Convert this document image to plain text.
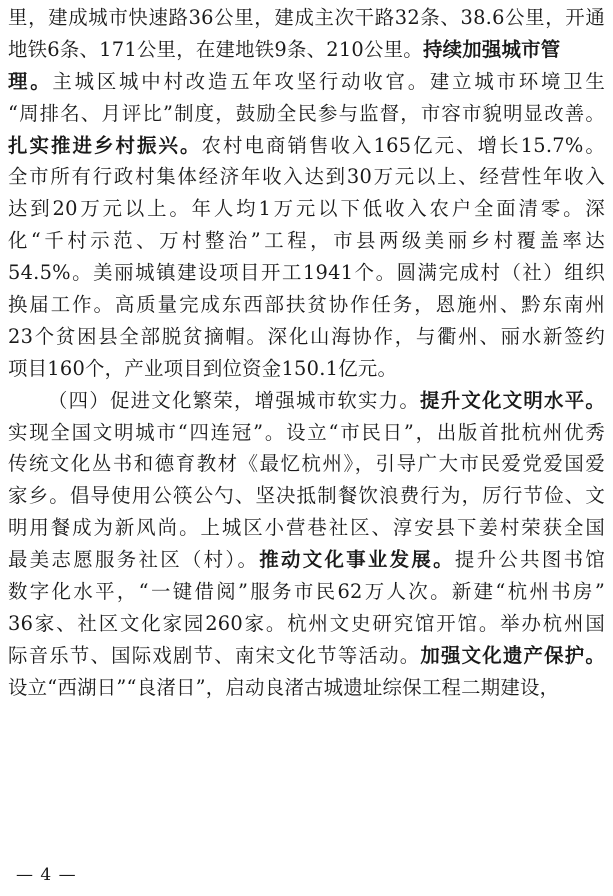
里，建成城市快速路36公里，建成主次干路32条、38.6公里，开通
地铁6条、171公里，在建地铁9条、210公里。持续加强城市管
理。主城区城中村改造五年攻坚行动收官。建立城市环境卫生
“周排名、月评比”制度，鼓励全民参与监督，市容市貌明显改善。
扎实推进乡村振兴。农村电商销售收入165亿元、增长15.7%。
全市所有行政村集体经济年收入达到30万元以上、经营性年收入
达到20万元以上。年人均1万元以下低收入农户全面清零。深
化“千村示范、万村整治”工程，市县两级美丽乡村覆盖率达
54.5%。美丽城镇建设项目开工1941个。圆满完成村（社）组织
换届工作。高质量完成东西部扶贫协作任务，恩施州、黔东南州
23个贫困县全部脱贫摘帽。深化山海协作，与衢州、丽水新签约
项目160个，产业项目到位资金150.1亿元。
（四）促进文化繁荣，增强城市软实力。提升文化文明水平。
实现全国文明城市“四连冠”。设立“市民日”，出版首批杭州优秀
传统文化丛书和德育教材《最忆杭州》，引导广大市民爱党爱国爱
家乡。倡导使用公筷公勺、坚决抵制餐饮浪费行为，厉行节俭、文
明用餐成为新风尚。上城区小营巷社区、淳安县下姜村荣获全国
最美志愿服务社区（村）。推动文化事业发展。提升公共图书馆
数字化水平，“一键借阅”服务市民62万人次。新建“杭州书房”
36家、社区文化家园260家。杭州文史研究馆开馆。举办杭州国
际音乐节、国际戏剧节、南宋文化节等活动。加强文化遗产保护。
设立“西湖日”“良渚日”，启动良渚古城遗址综保工程二期建设，
— 4 —
